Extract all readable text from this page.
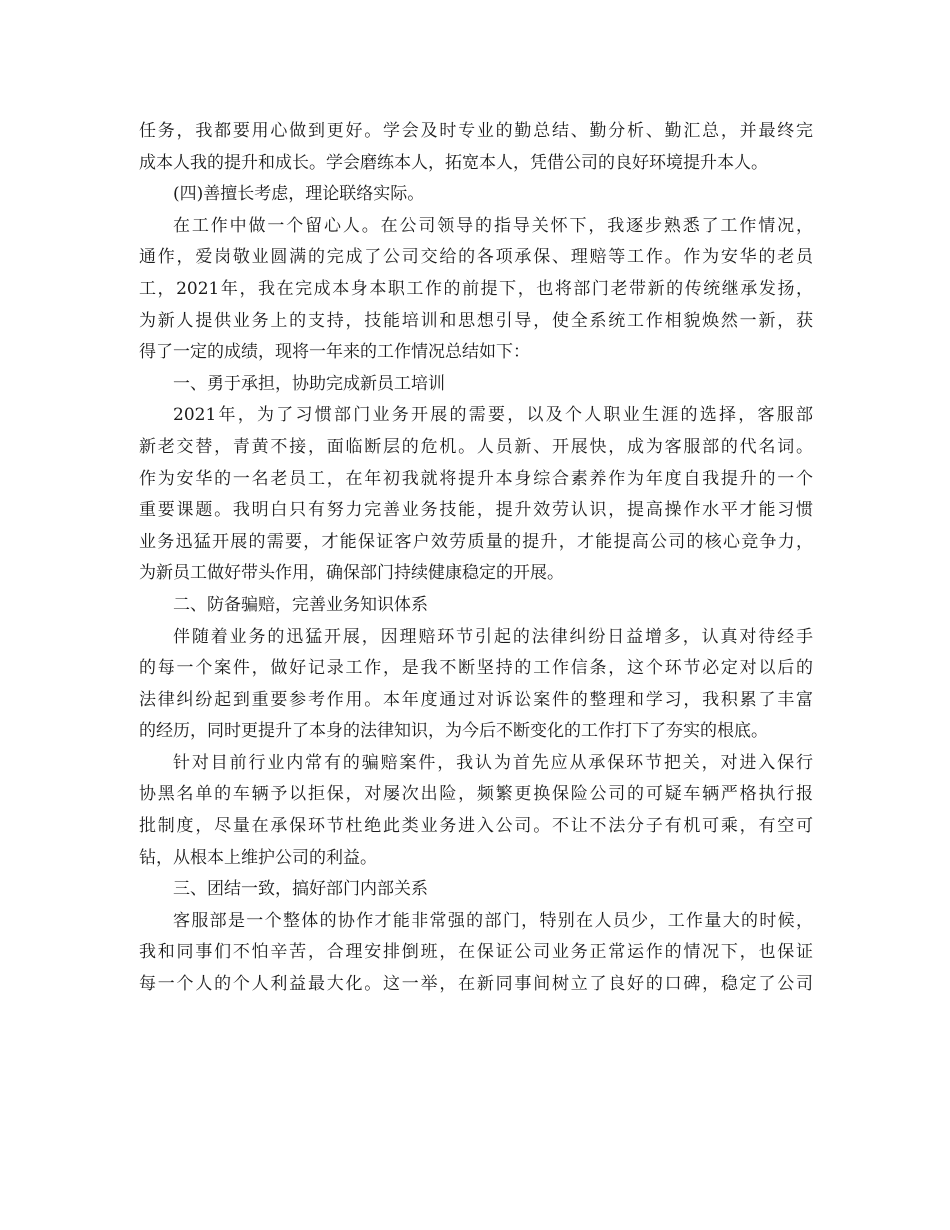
任务，我都要用心做到更好。学会及时专业的勤总结、勤分析、勤汇总，并最终完
成本人我的提升和成长。学会磨练本人，拓宽本人，凭借公司的良好环境提升本人。
(四)善擅长考虑，理论联络实际。
在工作中做一个留心人。在公司领导的指导关怀下，我逐步熟悉了工作情况，
通作，爱岗敬业圆满的完成了公司交给的各项承保、理赔等工作。作为安华的老员
工，2021年，我在完成本身本职工作的前提下，也将部门老带新的传统继承发扬，
为新人提供业务上的支持，技能培训和思想引导，使全系统工作相貌焕然一新，获
得了一定的成绩，现将一年来的工作情况总结如下：
一、勇于承担，协助完成新员工培训
2021年，为了习惯部门业务开展的需要，以及个人职业生涯的选择，客服部
新老交替，青黄不接，面临断层的危机。人员新、开展快，成为客服部的代名词。
作为安华的一名老员工，在年初我就将提升本身综合素养作为年度自我提升的一个
重要课题。我明白只有努力完善业务技能，提升效劳认识，提高操作水平才能习惯
业务迅猛开展的需要，才能保证客户效劳质量的提升，才能提高公司的核心竞争力，
为新员工做好带头作用，确保部门持续健康稳定的开展。
二、防备骗赔，完善业务知识体系
伴随着业务的迅猛开展，因理赔环节引起的法律纠纷日益增多，认真对待经手
的每一个案件，做好记录工作，是我不断坚持的工作信条，这个环节必定对以后的
法律纠纷起到重要参考作用。本年度通过对诉讼案件的整理和学习，我积累了丰富
的经历，同时更提升了本身的法律知识，为今后不断变化的工作打下了夯实的根底。
针对目前行业内常有的骗赔案件，我认为首先应从承保环节把关，对进入保行
协黑名单的车辆予以拒保，对屡次出险，频繁更换保险公司的可疑车辆严格执行报
批制度，尽量在承保环节杜绝此类业务进入公司。不让不法分子有机可乘，有空可
钻，从根本上维护公司的利益。
三、团结一致，搞好部门内部关系
客服部是一个整体的协作才能非常强的部门，特别在人员少，工作量大的时候，
我和同事们不怕辛苦，合理安排倒班，在保证公司业务正常运作的情况下，也保证
每一个人的个人利益最大化。这一举，在新同事间树立了良好的口碑，稳定了公司
